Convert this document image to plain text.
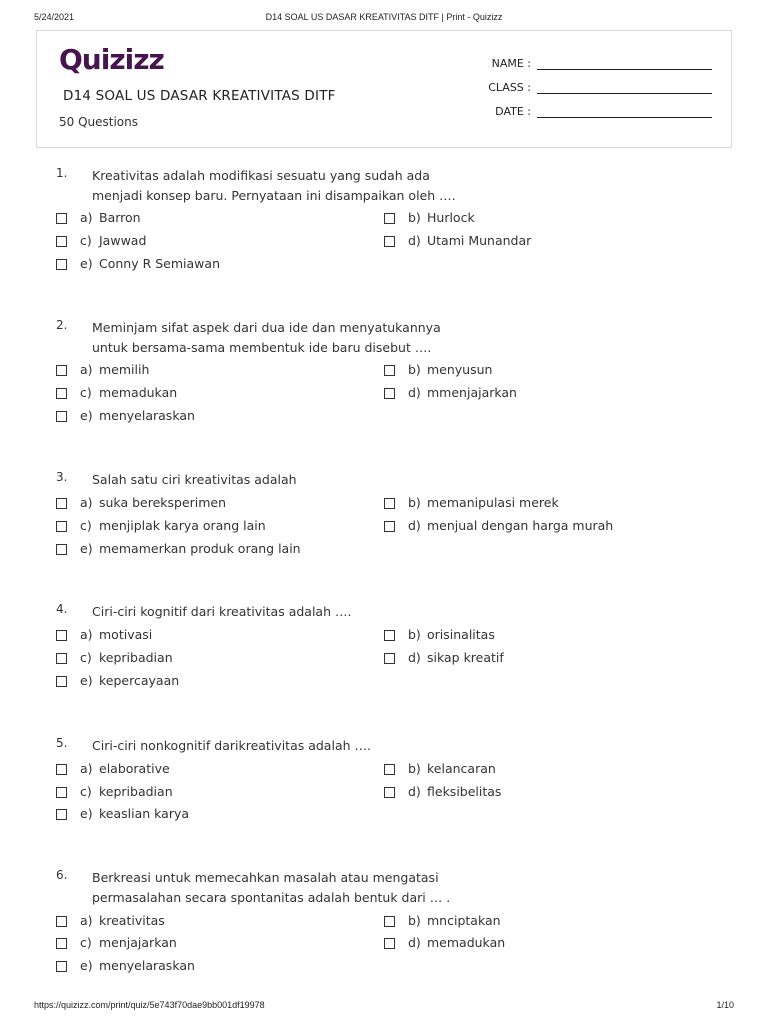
5/24/2021	D14 SOAL US DASAR KREATIVITAS DITF | Print - Quizizz
Quizizz
D14 SOAL US DASAR KREATIVITAS DITF
50 Questions
NAME :
CLASS :
DATE :
1. Kreativitas adalah modifikasi sesuatu yang sudah ada
menjadi konsep baru. Pernyataan ini disampaikan oleh ….
a) Barron	b) Hurlock
c) Jawwad	d) Utami Munandar
e) Conny R Semiawan
2. Meminjam sifat aspek dari dua ide dan menyatukannya
untuk bersama-sama membentuk ide baru disebut ….
a) memilih	b) menyusun
c) memadukan	d) mmenjajarkan
e) menyelaraskan
3. Salah satu ciri kreativitas adalah
a) suka bereksperimen	b) memanipulasi merek
c) menjiplak karya orang lain	d) menjual dengan harga murah
e) memamerkan produk orang lain
4. Ciri-ciri kognitif dari kreativitas adalah ….
a) motivasi	b) orisinalitas
c) kepribadian	d) sikap kreatif
e) kepercayaan
5. Ciri-ciri nonkognitif darikreativitas adalah ….
a) elaborative	b) kelancaran
c) kepribadian	d) fleksibelitas
e) keaslian karya
6. Berkreasi untuk memecahkan masalah atau mengatasi
permasalahan secara spontanitas adalah bentuk dari … .
a) kreativitas	b) mnciptakan
c) menjajarkan	d) memadukan
e) menyelaraskan
https://quizizz.com/print/quiz/5e743f70dae9bb001df19978	1/10
